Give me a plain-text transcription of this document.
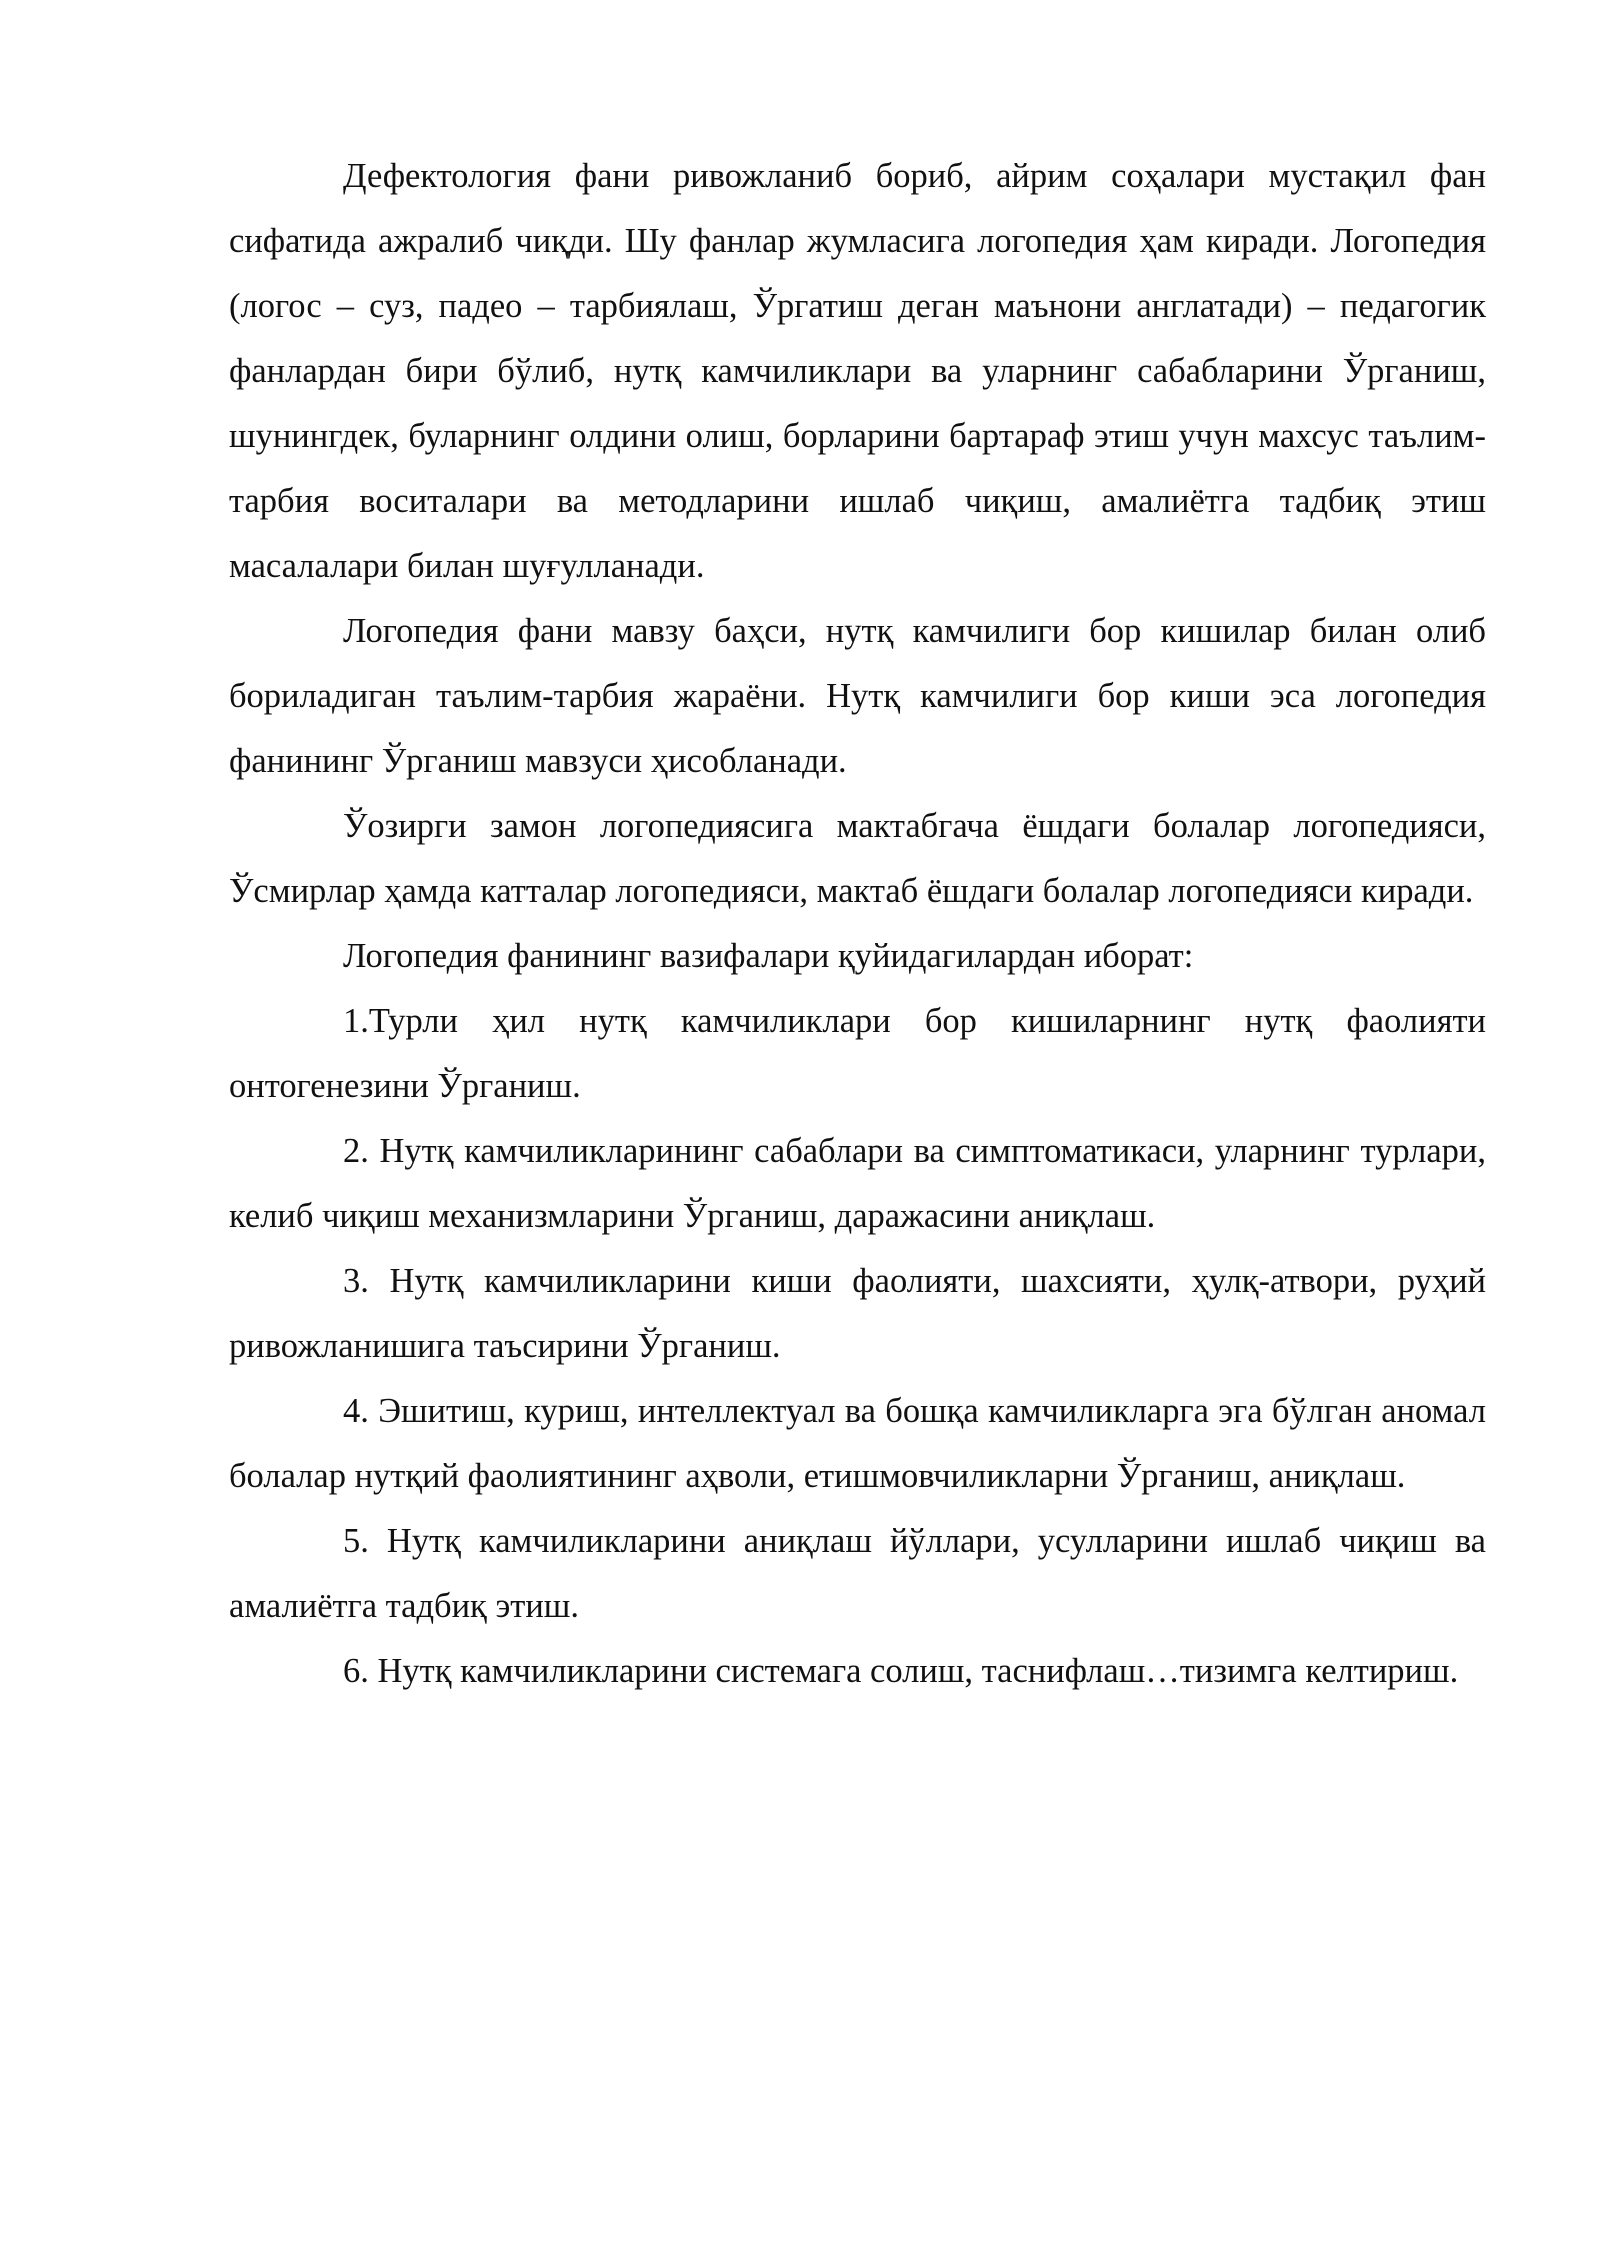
Дефектология фани ривожланиб бориб, айрим соҳалари мустақил фан сифатида ажралиб чиқди. Шу фанлар жумласига логопедия ҳам киради. Логопедия (логос – суз, падео – тарбиялаш, Ўргатиш деган маънони англатади) – педагогик фанлардан бири бўлиб, нутқ камчиликлари ва уларнинг сабабларини Ўрганиш, шунингдек, буларнинг олдини олиш, борларини бартараф этиш учун махсус таълим-тарбия воситалари ва методларини ишлаб чиқиш, амалиётга тадбиқ этиш масалалари билан шуғулланади.

Логопедия фани мавзу баҳси, нутқ камчилиги бор кишилар билан олиб бориладиган таълим-тарбия жараёни. Нутқ камчилиги бор киши эса логопедия фанининг Ўрганиш мавзуси ҳисобланади.

Ўозирги замон логопедиясига мактабгача ёшдаги болалар логопедияси, Ўсмирлар ҳамда катталар логопедияси, мактаб ёшдаги болалар логопедияси киради.

Логопедия фанининг вазифалари қуйидагилардан иборат:

1.Турли ҳил нутқ камчиликлари бор кишиларнинг нутқ фаолияти онтогенезини Ўрганиш.

2. Нутқ камчиликларининг сабаблари ва симптоматикаси, уларнинг турлари, келиб чиқиш механизмларини Ўрганиш, даражасини аниқлаш.

3. Нутқ камчиликларини киши фаолияти, шахсияти, ҳулқ-атвори, руҳий ривожланишига таъсирини Ўрганиш.

4. Эшитиш, куриш, интеллектуал ва бошқа камчиликларга эга бўлган аномал болалар нутқий фаолиятининг аҳволи, етишмовчиликларни Ўрганиш, аниқлаш.

5. Нутқ камчиликларини аниқлаш йўллари, усулларини ишлаб чиқиш ва амалиётга тадбиқ этиш.

6. Нутқ камчиликларини системага солиш, таснифлаш…тизимга келтириш.
